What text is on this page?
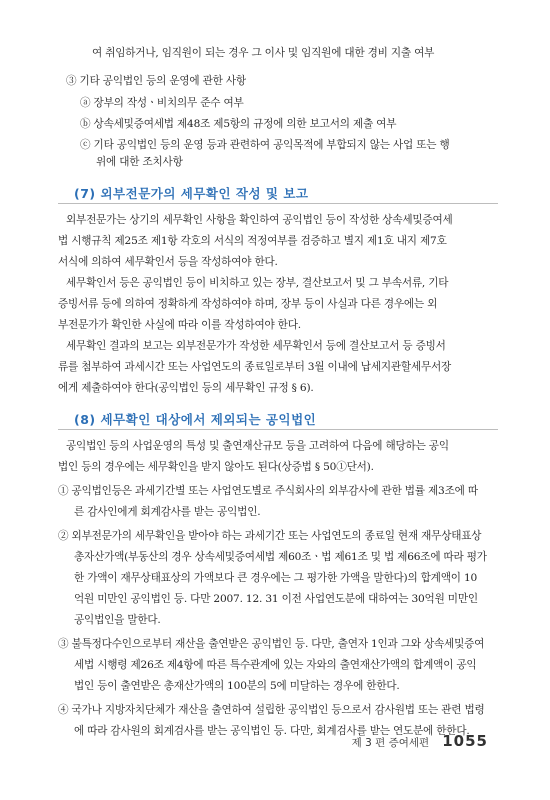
여 취임하거나, 임직원이 되는 경우 그 이사 및 임직원에 대한 경비 지출 여부
③ 기타 공익법인 등의 운영에 관한 사항
ⓐ 장부의 작성ㆍ비치의무 준수 여부
ⓑ 상속세및증여세법 제48조 제5항의 규정에 의한 보고서의 제출 여부
ⓒ 기타 공익법인 등의 운영 등과 관련하여 공익목적에 부합되지 않는 사업 또는 행
위에 대한 조치사항
(7) 외부전문가의 세무확인 작성 및 보고
외부전문가는 상기의 세무확인 사항을 확인하여 공익법인 등이 작성한 상속세및증여세
법 시행규칙 제25조 제1항 각호의 서식의 적정여부를 검증하고 별지 제1호 내지 제7호
서식에 의하여 세무확인서 등을 작성하여야 한다.
세무확인서 등은 공익법인 등이 비치하고 있는 장부, 결산보고서 및 그 부속서류, 기타
증빙서류 등에 의하여 정확하게 작성하여야 하며, 장부 등이 사실과 다른 경우에는 외
부전문가가 확인한 사실에 따라 이를 작성하여야 한다.
세무확인 결과의 보고는 외부전문가가 작성한 세무확인서 등에 결산보고서 등 증빙서
류를 첨부하여 과세시간 또는 사업연도의 종료일로부터 3월 이내에 납세지관할세무서장
에게 제출하여야 한다(공익법인 등의 세무확인 규정 § 6).
(8) 세무확인 대상에서 제외되는 공익법인
공익법인 등의 사업운영의 특성 및 출연재산규모 등을 고려하여 다음에 해당하는 공익
법인 등의 경우에는 세무확인을 받지 않아도 된다(상증법 § 50①단서).
① 공익법인등은 과세기간별 또는 사업연도별로 주식회사의 외부감사에 관한 법률 제3조에 따
른 감사인에게 회계감사를 받는 공익법인.
② 외부전문가의 세무확인을 받아야 하는 과세기간 또는 사업연도의 종료일 현재 재무상태표상
총자산가액(부동산의 경우 상속세및증여세법 제60조ㆍ법 제61조 및 법 제66조에 따라 평가
한 가액이 재무상태표상의 가액보다 큰 경우에는 그 평가한 가액을 말한다)의 합계액이 10
억원 미만인 공익법인 등. 다만 2007. 12. 31 이전 사업연도분에 대하여는 30억원 미만인
공익법인을 말한다.
③ 불특정다수인으로부터 재산을 출연받은 공익법인 등. 다만, 출연자 1인과 그와 상속세및증여
세법 시행령 제26조 제4항에 따른 특수관계에 있는 자와의 출연재산가액의 합계액이 공익
법인 등이 출연받은 총재산가액의 100분의 5에 미달하는 경우에 한한다.
④ 국가나 지방자치단체가 재산을 출연하여 설립한 공익법인 등으로서 감사원법 또는 관련 법령
에 따라 감사원의 회계검사를 받는 공익법인 등. 다만, 회계검사를 받는 연도분에 한한다.
제 3 편 증여세편 1055
